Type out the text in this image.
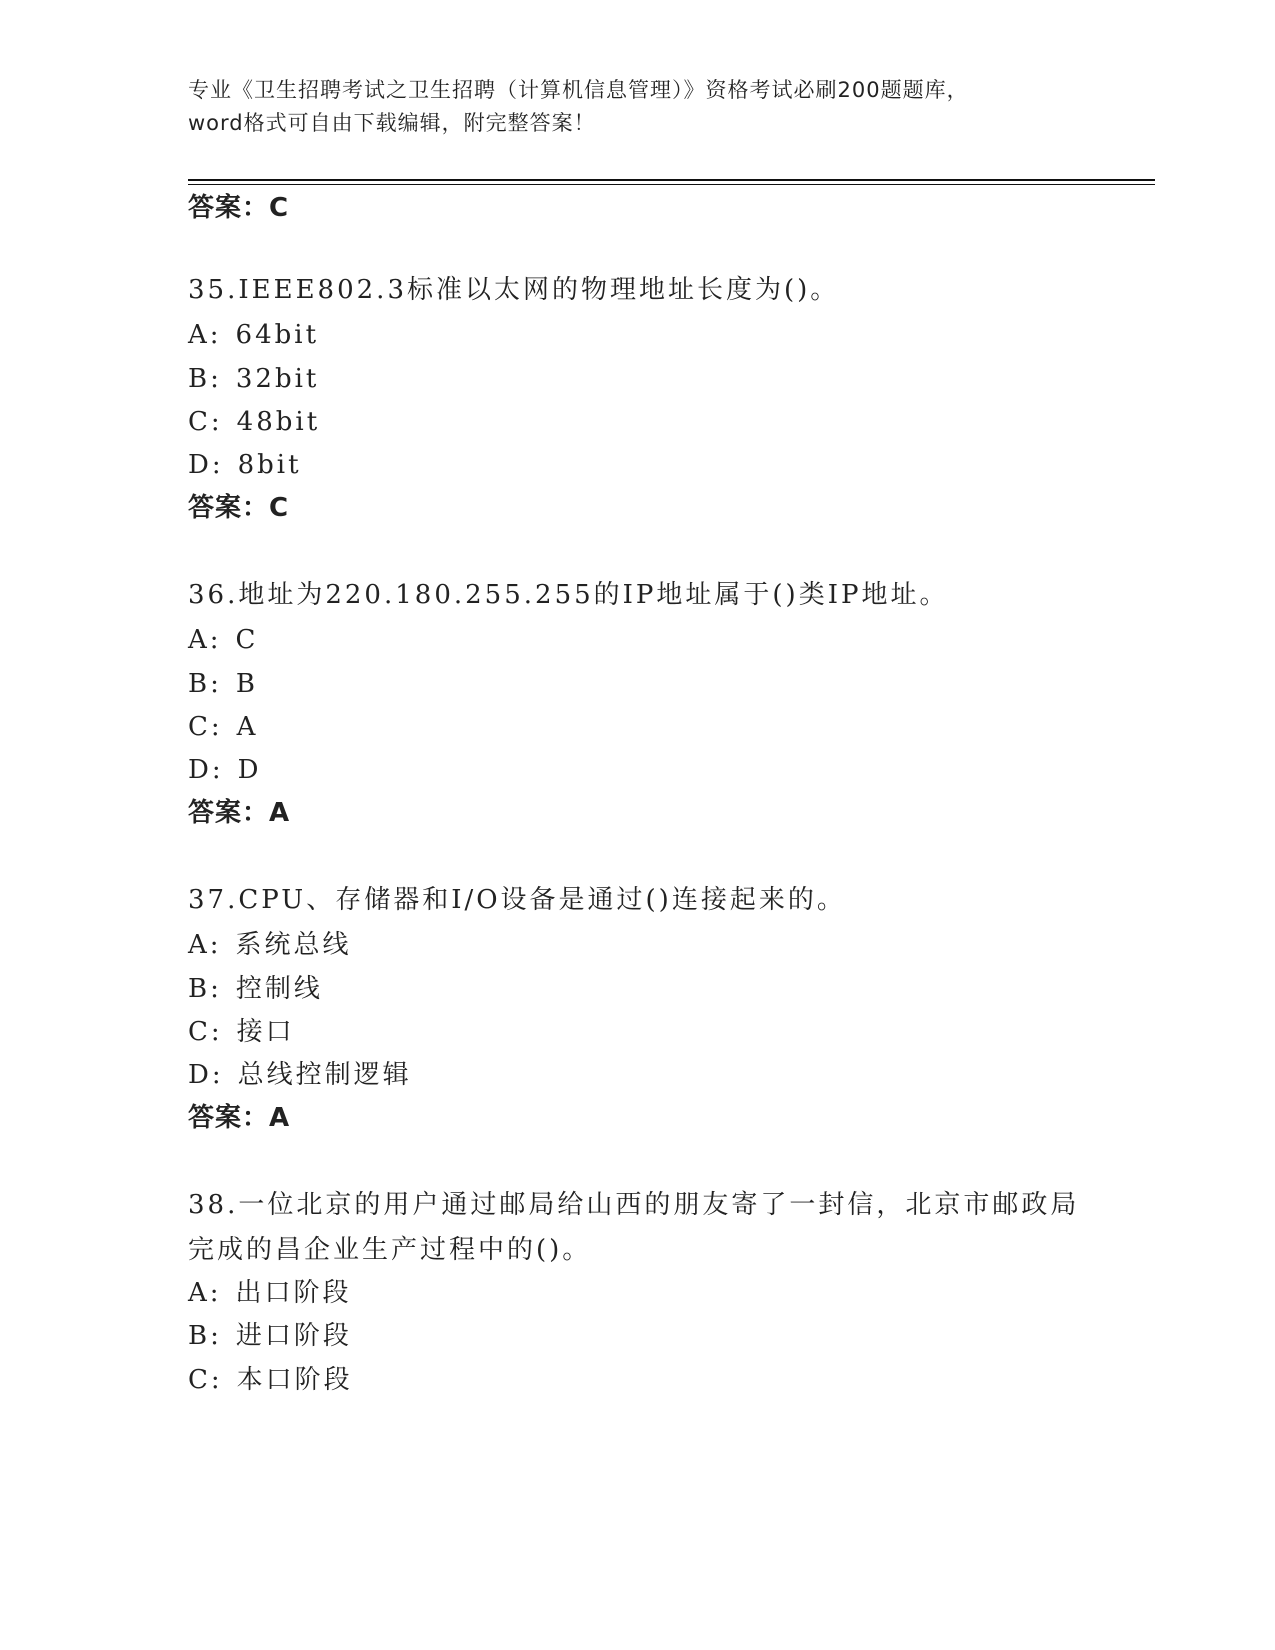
专业《卫生招聘考试之卫生招聘（计算机信息管理）》资格考试必刷200题题库，
word格式可自由下载编辑，附完整答案！
答案：C
35.IEEE802.3标准以太网的物理地址长度为()。
A: 64bit
B: 32bit
C: 48bit
D: 8bit
答案：C
36.地址为220.180.255.255的IP地址属于()类IP地址。
A: C
B: B
C: A
D: D
答案：A
37.CPU、存储器和I/O设备是通过()连接起来的。
A: 系统总线
B: 控制线
C: 接口
D: 总线控制逻辑
答案：A
38.一位北京的用户通过邮局给山西的朋友寄了一封信，北京市邮政局完成的昌企业生产过程中的()。
A: 出口阶段
B: 进口阶段
C: 本口阶段
